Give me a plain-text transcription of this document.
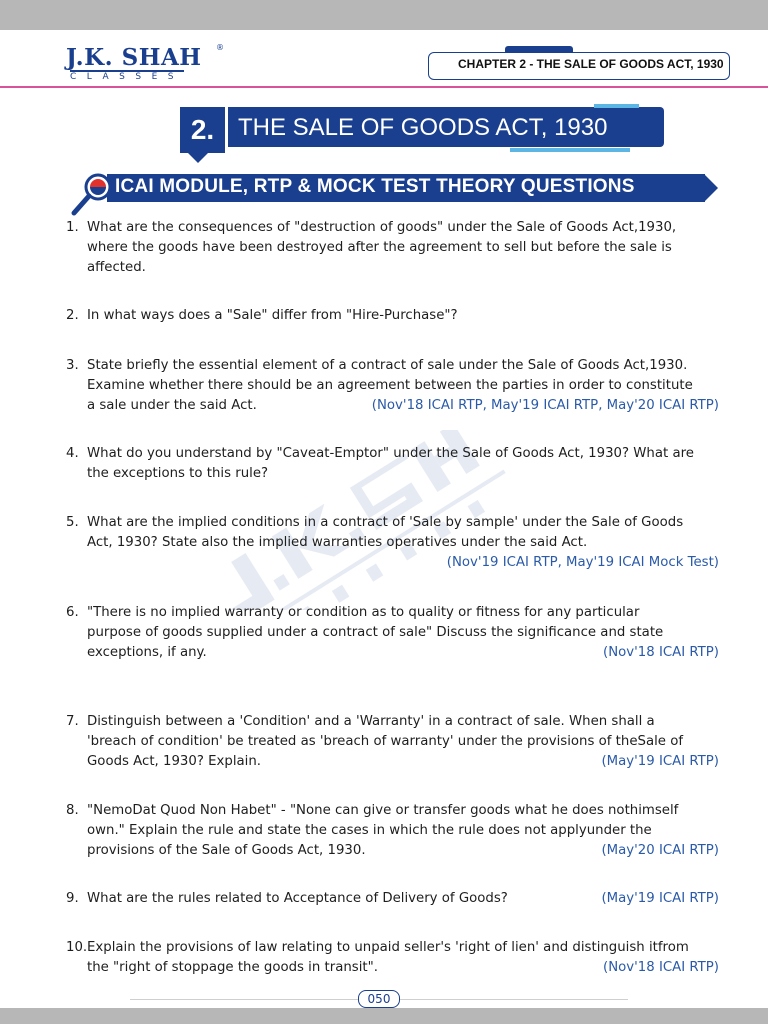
J.K. SHAH ®
CLASSES
CHAPTER 2 - THE SALE OF GOODS ACT, 1930
2. THE SALE OF GOODS ACT, 1930
ICAI MODULE, RTP & MOCK TEST THEORY QUESTIONS
1. What are the consequences of "destruction of goods" under the Sale of Goods Act,1930,
where the goods have been destroyed after the agreement to sell but before the sale is
affected.
2. In what ways does a "Sale" differ from "Hire-Purchase"?
3. State briefly the essential element of a contract of sale under the Sale of Goods Act,1930.
Examine whether there should be an agreement between the parties in order to constitute
a sale under the said Act.	(Nov'18 ICAI RTP, May'19 ICAI RTP, May'20 ICAI RTP)
4. What do you understand by "Caveat-Emptor" under the Sale of Goods Act, 1930? What are
the exceptions to this rule?
5. What are the implied conditions in a contract of 'Sale by sample' under the Sale of Goods
Act, 1930? State also the implied warranties operatives under the said Act.
(Nov'19 ICAI RTP, May'19 ICAI Mock Test)
6. "There is no implied warranty or condition as to quality or fitness for any particular
purpose of goods supplied under a contract of sale" Discuss the significance and state
exceptions, if any.	(Nov'18 ICAI RTP)
7. Distinguish between a 'Condition' and a 'Warranty' in a contract of sale. When shall a
'breach of condition' be treated as 'breach of warranty' under the provisions of theSale of
Goods Act, 1930? Explain.	(May'19 ICAI RTP)
8. "NemoDat Quod Non Habet" - "None can give or transfer goods what he does nothimself
own." Explain the rule and state the cases in which the rule does not applyunder the
provisions of the Sale of Goods Act, 1930.	(May'20 ICAI RTP)
9. What are the rules related to Acceptance of Delivery of Goods?	(May'19 ICAI RTP)
10. Explain the provisions of law relating to unpaid seller's 'right of lien' and distinguish itfrom
the "right of stoppage the goods in transit".	(Nov'18 ICAI RTP)
050
